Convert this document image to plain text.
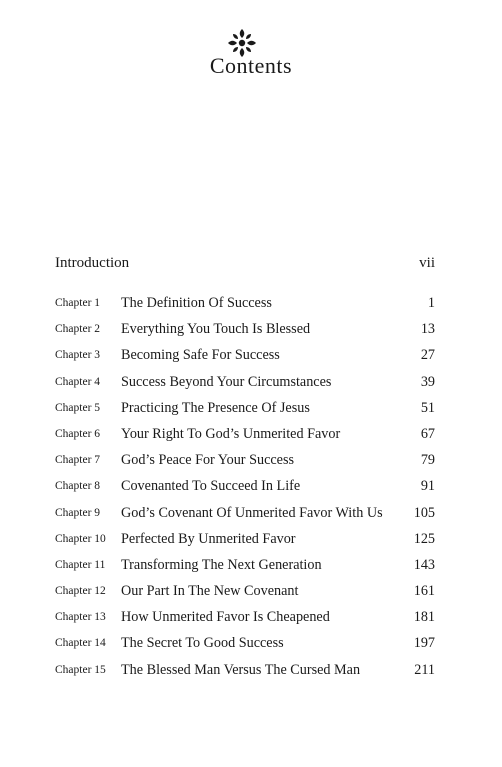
Contents
Introduction	vii
Chapter 1 The Definition Of Success	1
Chapter 2 Everything You Touch Is Blessed	13
Chapter 3 Becoming Safe For Success	27
Chapter 4 Success Beyond Your Circumstances	39
Chapter 5 Practicing The Presence Of Jesus	51
Chapter 6 Your Right To God’s Unmerited Favor	67
Chapter 7 God’s Peace For Your Success	79
Chapter 8 Covenanted To Succeed In Life	91
Chapter 9 God’s Covenant Of Unmerited Favor With Us 105
Chapter 10 Perfected By Unmerited Favor	125
Chapter 11 Transforming The Next Generation	143
Chapter 12 Our Part In The New Covenant	161
Chapter 13 How Unmerited Favor Is Cheapened	181
Chapter 14 The Secret To Good Success	197
Chapter 15 The Blessed Man Versus The Cursed Man	211
